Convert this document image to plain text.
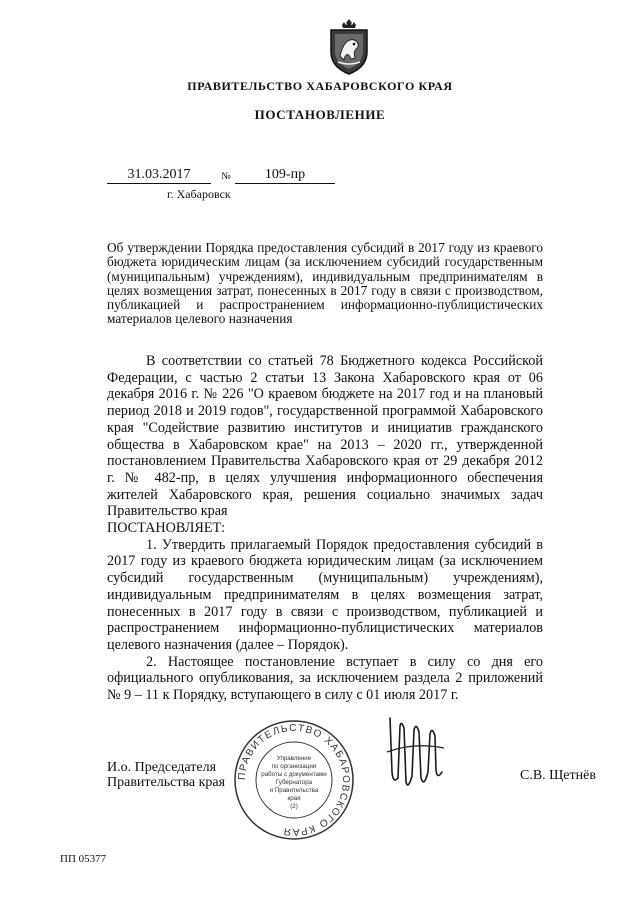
ПРАВИТЕЛЬСТВО ХАБАРОВСКОГО КРАЯ
ПОСТАНОВЛЕНИЕ
31.03.2017	№	109-пр
г. Хабаровск

Об утверждении Порядка предоставления субсидий в 2017 году из краевого бюджета юридическим лицам (за исключением субсидий государственным (муниципальным) учреждениям), индивидуальным предпринимателям в целях возмещения затрат, понесенных в 2017 году в связи с производством, публикацией и распространением информационно-публицистических материалов целевого назначения

В соответствии со статьей 78 Бюджетного кодекса Российской Федерации, с частью 2 статьи 13 Закона Хабаровского края от 06 декабря 2016 г. № 226 "О краевом бюджете на 2017 год и на плановый период 2018 и 2019 годов", государственной программой Хабаровского края "Содействие развитию институтов и инициатив гражданского общества в Хабаровском крае" на 2013 – 2020 гг., утвержденной постановлением Правительства Хабаровского края от 29 декабря 2012 г. № 482-пр, в целях улучшения информационного обеспечения жителей Хабаровского края, решения социально значимых задач Правительство края

ПОСТАНОВЛЯЕТ:

1. Утвердить прилагаемый Порядок предоставления субсидий в 2017 году из краевого бюджета юридическим лицам (за исключением субсидий государственным (муниципальным) учреждениям), индивидуальным предпринимателям в целях возмещения затрат, понесенных в 2017 году в связи с производством, публикацией и распространением информационно-публицистических материалов целевого назначения (далее – Порядок).

2. Настоящее постановление вступает в силу со дня его официального опубликования, за исключением раздела 2 приложений № 9 – 11 к Порядку, вступающего в силу с 01 июля 2017 г.

И.о. Председателя
Правительства края ПРАВИТЕЛЬСТВО ХАБАРОВСКОГО КРАЯ
Управление
по организации
работы с документами
Губернатора
и Правительства
края
(2)
С.В. Щетнёв
ПП 05377
